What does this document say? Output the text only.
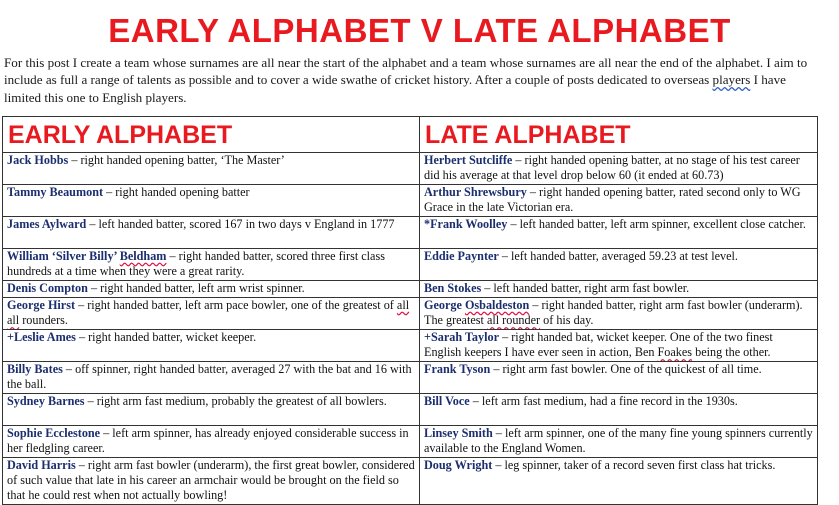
EARLY ALPHABET V LATE ALPHABET
For this post I create a team whose surnames are all near the start of the alphabet and a team whose surnames are all near the end of the alphabet. I aim to include as full a range of talents as possible and to cover a wide swathe of cricket history. After a couple of posts dedicated to overseas players I have limited this one to English players.
EARLY ALPHABET	LATE ALPHABET
Jack Hobbs – right handed opening batter, ‘The Master’	Herbert Sutcliffe – right handed opening batter, at no stage of his test career did his average at that level drop below 60 (it ended at 60.73)
Tammy Beaumont – right handed opening batter	Arthur Shrewsbury – right handed opening batter, rated second only to WG Grace in the late Victorian era.
James Aylward – left handed batter, scored 167 in two days v England in 1777	*Frank Woolley – left handed batter, left arm spinner, excellent close catcher.
William ‘Silver Billy’ Beldham – right handed batter, scored three first class hundreds at a time when they were a great rarity.	Eddie Paynter – left handed batter, averaged 59.23 at test level.
Denis Compton – right handed batter, left arm wrist spinner.	Ben Stokes – left handed batter, right arm fast bowler.
George Hirst – right handed batter, left arm pace bowler, one of the greatest of all all rounders.	George Osbaldeston – right handed batter, right arm fast bowler (underarm). The greatest all rounder of his day.
+Leslie Ames – right handed batter, wicket keeper.	+Sarah Taylor – right handed bat, wicket keeper. One of the two finest English keepers I have ever seen in action, Ben Foakes being the other.
Billy Bates – off spinner, right handed batter, averaged 27 with the bat and 16 with the ball.	Frank Tyson – right arm fast bowler. One of the quickest of all time.
Sydney Barnes – right arm fast medium, probably the greatest of all bowlers.	Bill Voce – left arm fast medium, had a fine record in the 1930s.
Sophie Ecclestone – left arm spinner, has already enjoyed considerable success in her fledgling career.	Linsey Smith – left arm spinner, one of the many fine young spinners currently available to the England Women.
David Harris – right arm fast bowler (underarm), the first great bowler, considered of such value that late in his career an armchair would be brought on the field so that he could rest when not actually bowling!	Doug Wright – leg spinner, taker of a record seven first class hat tricks.
